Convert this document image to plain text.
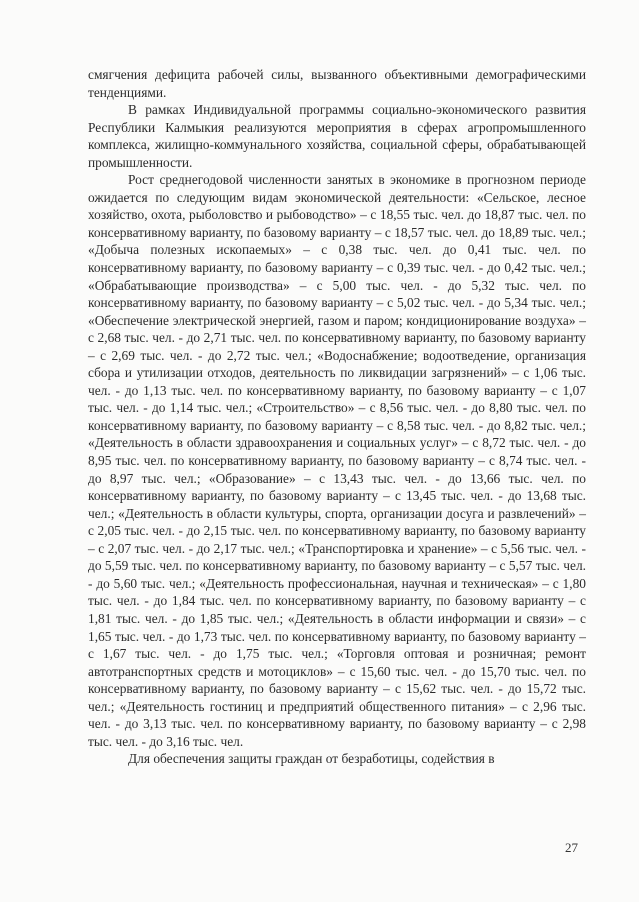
смягчения дефицита рабочей силы, вызванного объективными демографическими тенденциями.

В рамках Индивидуальной программы социально-экономического развития Республики Калмыкия реализуются мероприятия в сферах агропромышленного комплекса, жилищно-коммунального хозяйства, социальной сферы, обрабатывающей промышленности.

Рост среднегодовой численности занятых в экономике в прогнозном периоде ожидается по следующим видам экономической деятельности: «Сельское, лесное хозяйство, охота, рыболовство и рыбоводство» – с 18,55 тыс. чел. до 18,87 тыс. чел. по консервативному варианту, по базовому варианту – с 18,57 тыс. чел. до 18,89 тыс. чел.; «Добыча полезных ископаемых» – с 0,38 тыс. чел. до 0,41 тыс. чел. по консервативному варианту, по базовому варианту – с 0,39 тыс. чел. - до 0,42 тыс. чел.; «Обрабатывающие производства» – с 5,00 тыс. чел. - до 5,32 тыс. чел. по консервативному варианту, по базовому варианту – с 5,02 тыс. чел. - до 5,34 тыс. чел.; «Обеспечение электрической энергией, газом и паром; кондиционирование воздуха» – с 2,68 тыс. чел. - до 2,71 тыс. чел. по консервативному варианту, по базовому варианту – с 2,69 тыс. чел. - до 2,72 тыс. чел.; «Водоснабжение; водоотведение, организация сбора и утилизации отходов, деятельность по ликвидации загрязнений» – с 1,06 тыс. чел. - до 1,13 тыс. чел. по консервативному варианту, по базовому варианту – с 1,07 тыс. чел. - до 1,14 тыс. чел.; «Строительство» – с 8,56 тыс. чел. - до 8,80 тыс. чел. по консервативному варианту, по базовому варианту – с 8,58 тыс. чел. - до 8,82 тыс. чел.; «Деятельность в области здравоохранения и социальных услуг» – с 8,72 тыс. чел. - до 8,95 тыс. чел. по консервативному варианту, по базовому варианту – с 8,74 тыс. чел. - до 8,97 тыс. чел.; «Образование» – с 13,43 тыс. чел. - до 13,66 тыс. чел. по консервативному варианту, по базовому варианту – с 13,45 тыс. чел. - до 13,68 тыс. чел.; «Деятельность в области культуры, спорта, организации досуга и развлечений» – с 2,05 тыс. чел. - до 2,15 тыс. чел. по консервативному варианту, по базовому варианту – с 2,07 тыс. чел. - до 2,17 тыс. чел.; «Транспортировка и хранение» – с 5,56 тыс. чел. - до 5,59 тыс. чел. по консервативному варианту, по базовому варианту – с 5,57 тыс. чел. - до 5,60 тыс. чел.; «Деятельность профессиональная, научная и техническая» – с 1,80 тыс. чел. - до 1,84 тыс. чел. по консервативному варианту, по базовому варианту – с 1,81 тыс. чел. - до 1,85 тыс. чел.; «Деятельность в области информации и связи» – с 1,65 тыс. чел. - до 1,73 тыс. чел. по консервативному варианту, по базовому варианту – с 1,67 тыс. чел. - до 1,75 тыс. чел.; «Торговля оптовая и розничная; ремонт автотранспортных средств и мотоциклов» – с 15,60 тыс. чел. - до 15,70 тыс. чел. по консервативному варианту, по базовому варианту – с 15,62 тыс. чел. - до 15,72 тыс. чел.; «Деятельность гостиниц и предприятий общественного питания» – с 2,96 тыс. чел. - до 3,13 тыс. чел. по консервативному варианту, по базовому варианту – с 2,98 тыс. чел. - до 3,16 тыс. чел.

Для обеспечения защиты граждан от безработицы, содействия в

27
